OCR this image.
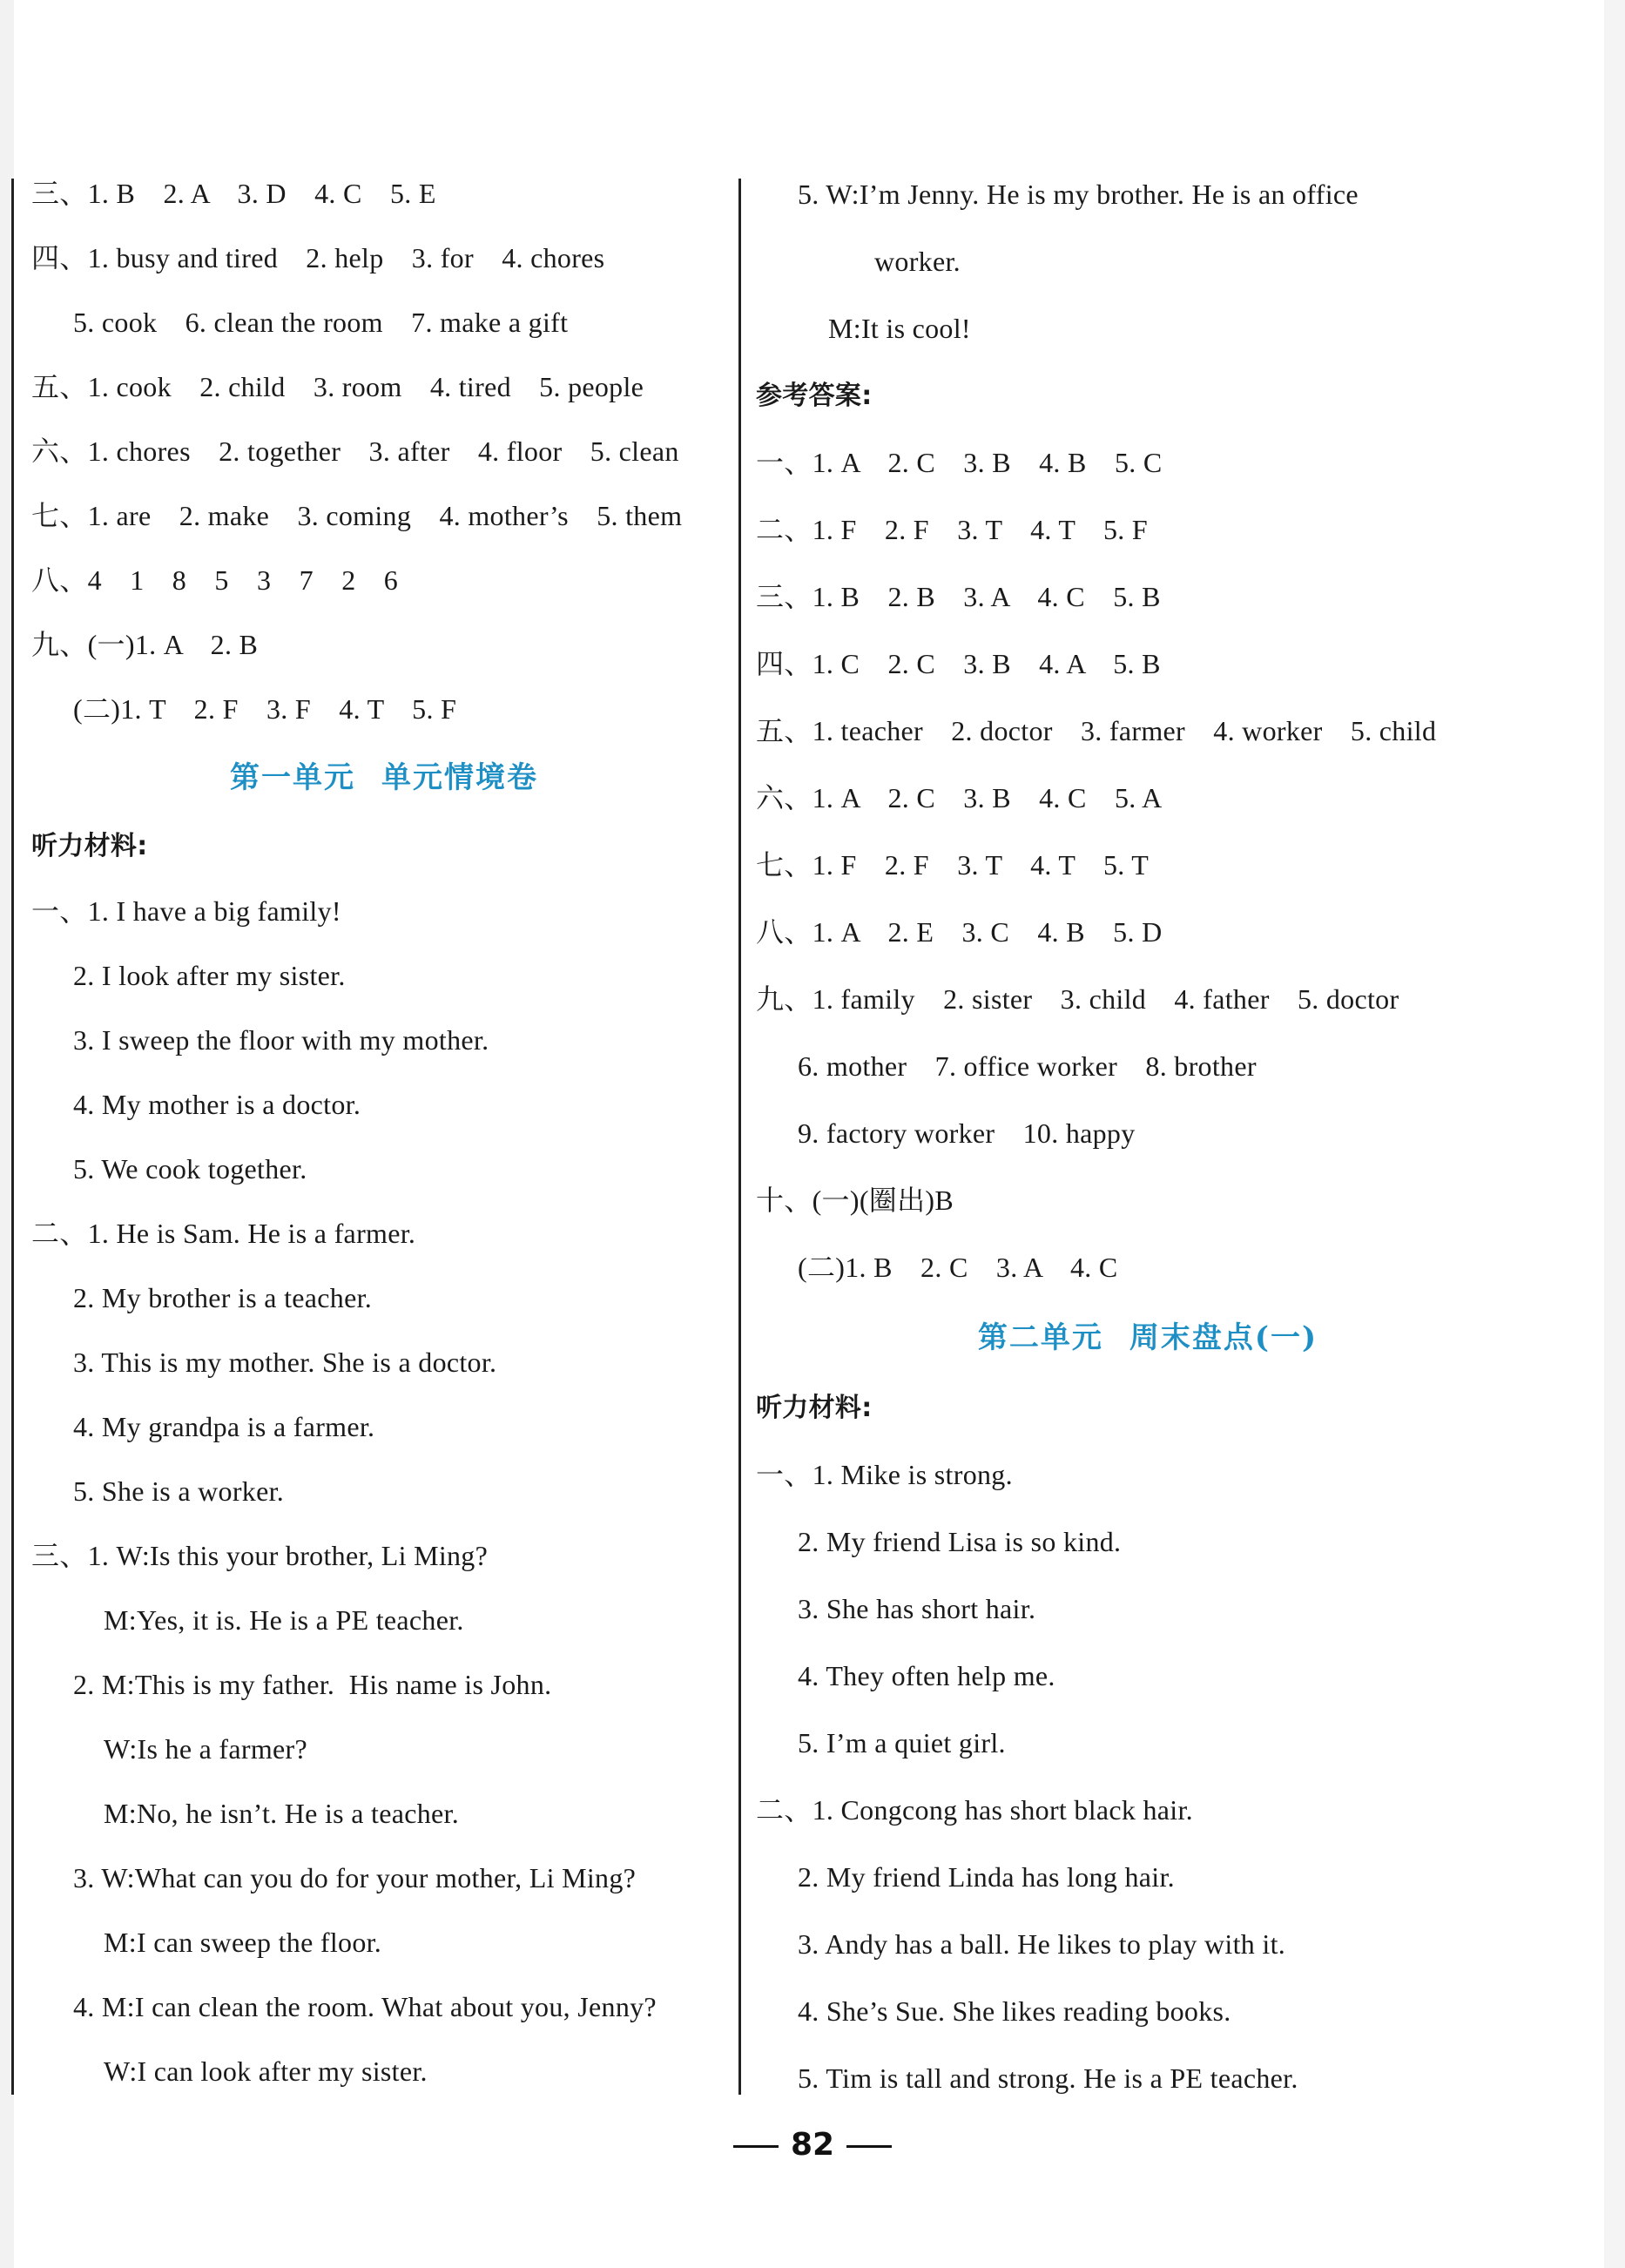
三、1. B　2. A　3. D　4. C　5. E
四、1. busy and tired　2. help　3. for　4. chores
5. cook　6. clean the room　7. make a gift
五、1. cook　2. child　3. room　4. tired　5. people
六、1. chores　2. together　3. after　4. floor　5. clean
七、1. are　2. make　3. coming　4. mother’s　5. them
八、4　1　8　5　3　7　2　6
九、(一)1. A　2. B
(二)1. T　2. F　3. F　4. T　5. F
第一单元 单元情境卷
听力材料:
一、1. I have a big family!
2. I look after my sister.
3. I sweep the floor with my mother.
4. My mother is a doctor.
5. We cook together.
二、1. He is Sam. He is a farmer.
2. My brother is a teacher.
3. This is my mother. She is a doctor.
4. My grandpa is a farmer.
5. She is a worker.
三、1. W:Is this your brother, Li Ming?
M:Yes, it is. He is a PE teacher.
2. M:This is my father.  His name is John.
W:Is he a farmer?
M:No, he isn’t. He is a teacher.
3. W:What can you do for your mother, Li Ming?
M:I can sweep the floor.
4. M:I can clean the room. What about you, Jenny?
W:I can look after my sister.
5. W:I’m Jenny. He is my brother. He is an office
worker.
M:It is cool!
参考答案:
一、1. A　2. C　3. B　4. B　5. C
二、1. F　2. F　3. T　4. T　5. F
三、1. B　2. B　3. A　4. C　5. B
四、1. C　2. C　3. B　4. A　5. B
五、1. teacher　2. doctor　3. farmer　4. worker　5. child
六、1. A　2. C　3. B　4. C　5. A
七、1. F　2. F　3. T　4. T　5. T
八、1. A　2. E　3. C　4. B　5. D
九、1. family　2. sister　3. child　4. father　5. doctor
6. mother　7. office worker　8. brother
9. factory worker　10. happy
十、(一)(圈出)B
(二)1. B　2. C　3. A　4. C
第二单元 周末盘点(一)
听力材料:
一、1. Mike is strong.
2. My friend Lisa is so kind.
3. She has short hair.
4. They often help me.
5. I’m a quiet girl.
二、1. Congcong has short black hair.
2. My friend Linda has long hair.
3. Andy has a ball. He likes to play with it.
4. She’s Sue. She likes reading books.
5. Tim is tall and strong. He is a PE teacher.
82
